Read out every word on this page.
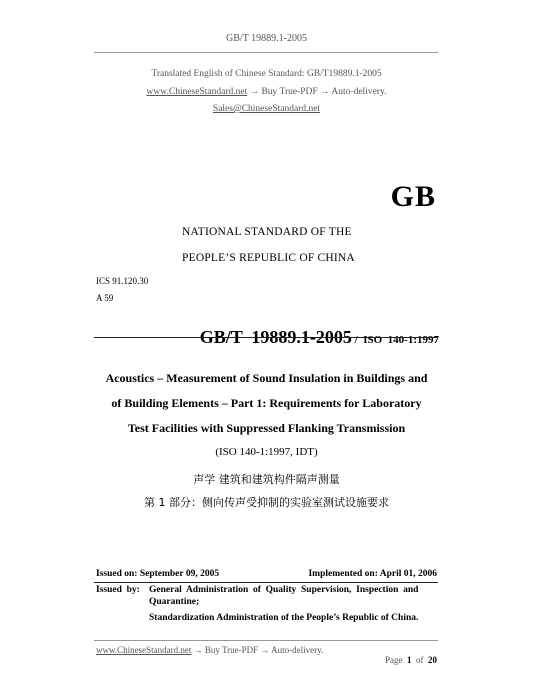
GB/T 19889.1-2005
Translated English of Chinese Standard: GB/T19889.1-2005
www.ChineseStandard.net → Buy True-PDF → Auto-delivery.
Sales@ChineseStandard.net
GB
NATIONAL STANDARD OF THE
PEOPLE’S REPUBLIC OF CHINA
ICS 91.120.30
A 59

GB/T  19889.1-2005 /  ISO  140-1:1997

Acoustics – Measurement of Sound Insulation in Buildings and
of Building Elements – Part 1: Requirements for Laboratory
Test Facilities with Suppressed Flanking Transmission
(ISO 140-1:1997, IDT)
声学 建筑和建筑构件隔声测量
第 1 部分：侧向传声受抑制的实验室测试设施要求
Issued on: September 09, 2005	Implemented on: April 01, 2006
Issued  by: General  Administration  of  Quality  Supervision,  Inspection  and
Quarantine;
Standardization Administration of the People’s Republic of China.
www.ChineseStandard.net → Buy True-PDF → Auto-delivery.

Page 1 of 20
